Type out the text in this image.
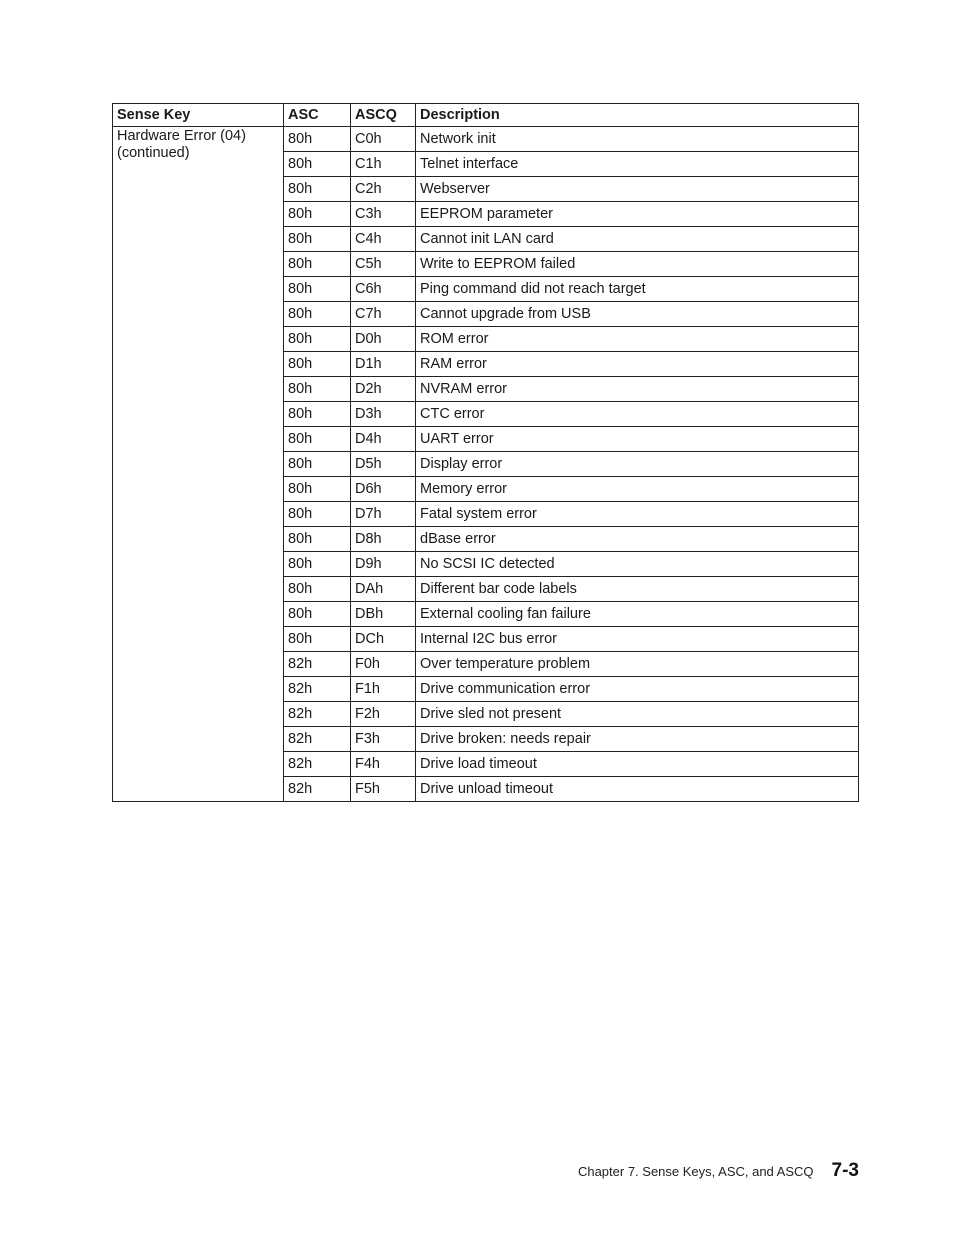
Sense Key	ASC	ASCQ	Description
Hardware Error (04) (continued)	80h	C0h	Network init
	80h	C1h	Telnet interface
	80h	C2h	Webserver
	80h	C3h	EEPROM parameter
	80h	C4h	Cannot init LAN card
	80h	C5h	Write to EEPROM failed
	80h	C6h	Ping command did not reach target
	80h	C7h	Cannot upgrade from USB
	80h	D0h	ROM error
	80h	D1h	RAM error
	80h	D2h	NVRAM error
	80h	D3h	CTC error
	80h	D4h	UART error
	80h	D5h	Display error
	80h	D6h	Memory error
	80h	D7h	Fatal system error
	80h	D8h	dBase error
	80h	D9h	No SCSI IC detected
	80h	DAh	Different bar code labels
	80h	DBh	External cooling fan failure
	80h	DCh	Internal I2C bus error
	82h	F0h	Over temperature problem
	82h	F1h	Drive communication error
	82h	F2h	Drive sled not present
	82h	F3h	Drive broken: needs repair
	82h	F4h	Drive load timeout
	82h	F5h	Drive unload timeout
Chapter 7. Sense Keys, ASC, and ASCQ 7-3
